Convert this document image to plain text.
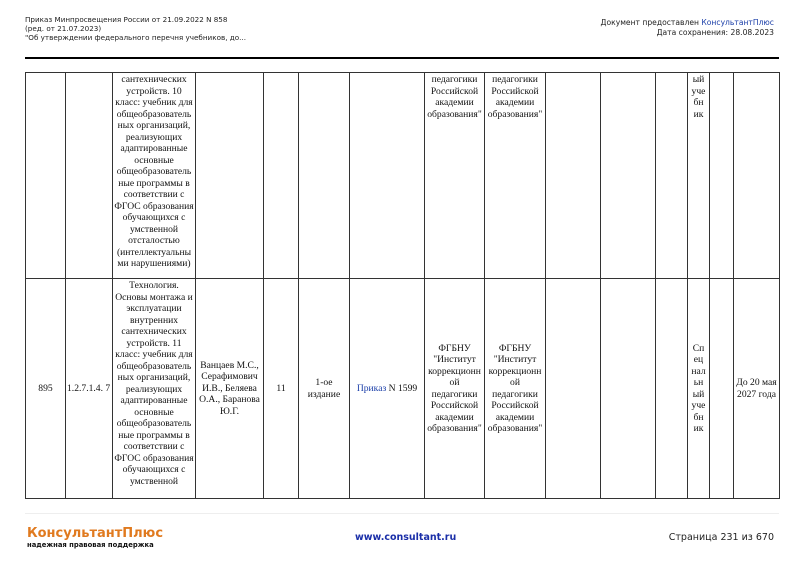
Приказ Минпросвещения России от 21.09.2022 N 858
(ред. от 21.07.2023)
"Об утверждении федерального перечня учебников, до...
Документ предоставлен КонсультантПлюс
Дата сохранения: 28.08.2023
		сантехнических устройств. 10 класс: учебник для общеобразователь ных организаций, реализующих адаптированные основные общеобразователь ные программы в соответствии с ФГОС образования обучающихся с умственной отсталостью (интеллектуальны ми нарушениями)					педагогики Российской академии образования"	педагогики Российской академии образования"				ый уче бн ик		
895	1.2.7.1.4. 7	Технология. Основы монтажа и эксплуатации внутренних сантехнических устройств. 11 класс: учебник для общеобразователь ных организаций, реализующих адаптированные основные общеобразователь ные программы в соответствии с ФГОС образования обучающихся с умственной	Ванцаев М.С., Серафимович И.В., Беляева О.А., Баранова Ю.Г.	11	1-ое издание	Приказ N 1599	ФГБНУ "Институт коррекционн ой педагогики Российской академии образования"	ФГБНУ "Институт коррекционн ой педагогики Российской академии образования"				Сп ец нал ьн ый уче бн ик		До 20 мая 2027 года
КонсультантПлюс
надежная правовая поддержка
www.consultant.ru	Страница 231 из 670
